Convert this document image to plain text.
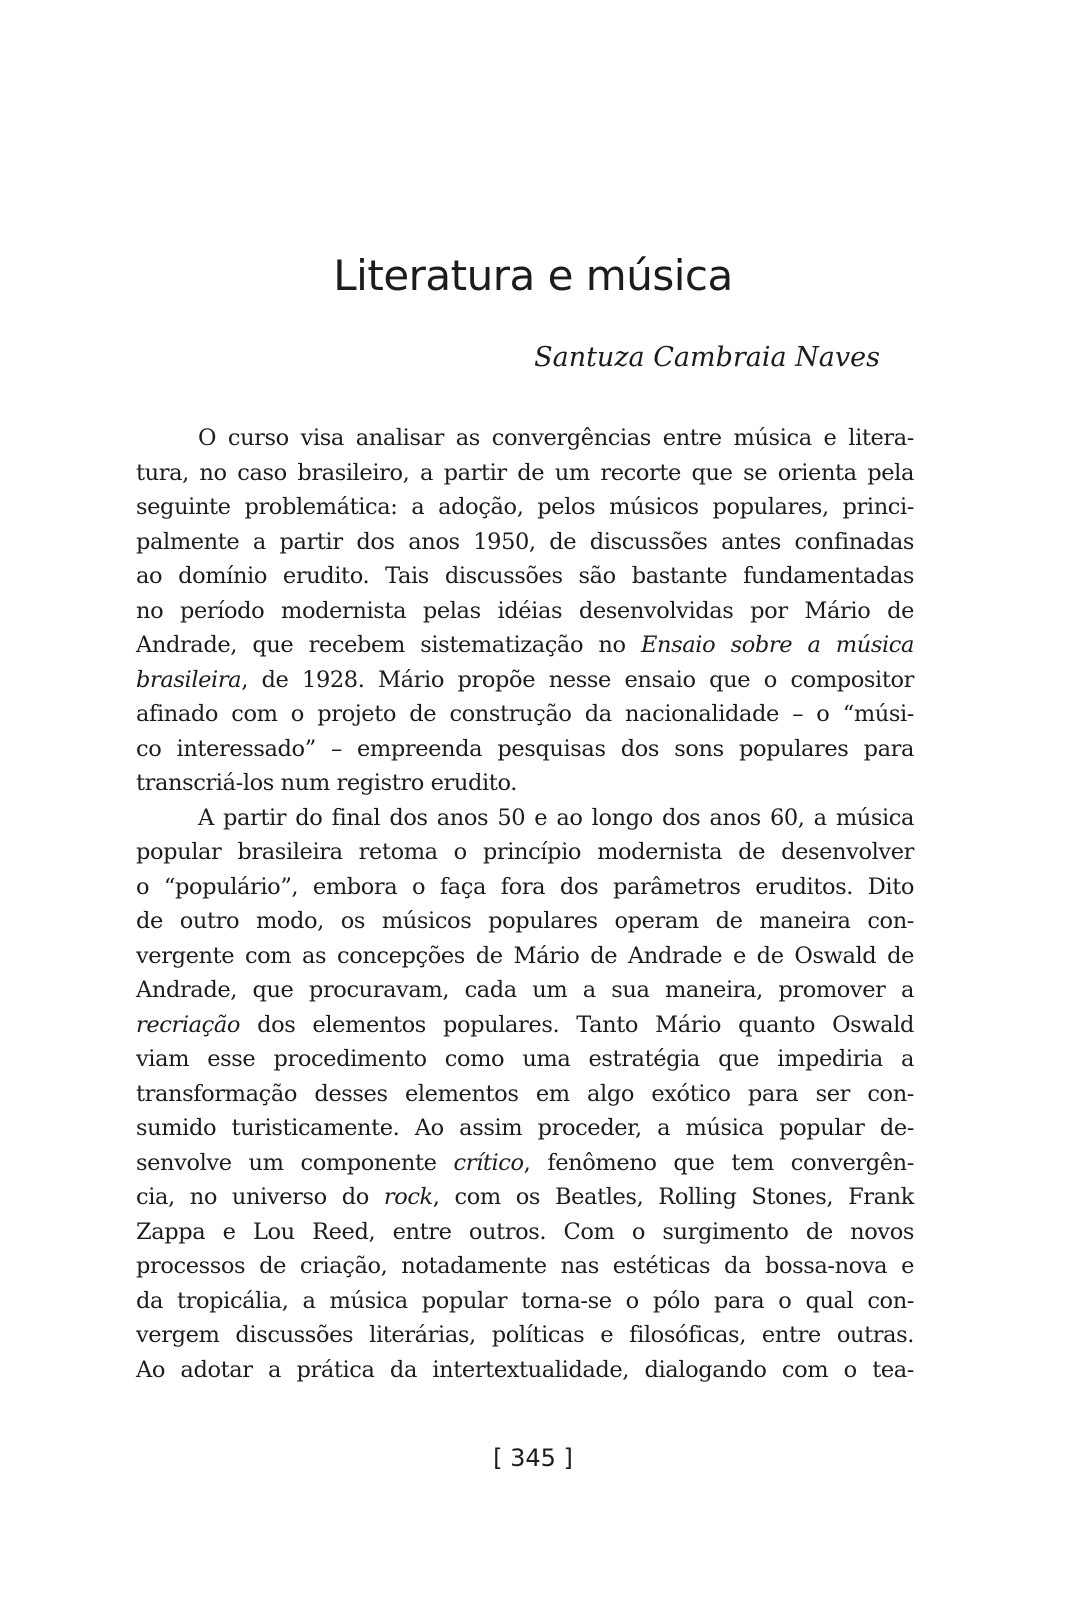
Literatura e música

Santuza Cambraia Naves

O curso visa analisar as convergências entre música e litera-
tura, no caso brasileiro, a partir de um recorte que se orienta pela
seguinte problemática: a adoção, pelos músicos populares, princi-
palmente a partir dos anos 1950, de discussões antes confinadas
ao domínio erudito. Tais discussões são bastante fundamentadas
no período modernista pelas idéias desenvolvidas por Mário de
Andrade, que recebem sistematização no Ensaio sobre a música
brasileira, de 1928. Mário propõe nesse ensaio que o compositor
afinado com o projeto de construção da nacionalidade – o “músi-
co interessado” – empreenda pesquisas dos sons populares para
transcriá-los num registro erudito.
A partir do final dos anos 50 e ao longo dos anos 60, a música
popular brasileira retoma o princípio modernista de desenvolver
o “populário”, embora o faça fora dos parâmetros eruditos. Dito
de outro modo, os músicos populares operam de maneira con-
vergente com as concepções de Mário de Andrade e de Oswald de
Andrade, que procuravam, cada um a sua maneira, promover a
recriação dos elementos populares. Tanto Mário quanto Oswald
viam esse procedimento como uma estratégia que impediria a
transformação desses elementos em algo exótico para ser con-
sumido turisticamente. Ao assim proceder, a música popular de-
senvolve um componente crítico, fenômeno que tem convergên-
cia, no universo do rock, com os Beatles, Rolling Stones, Frank
Zappa e Lou Reed, entre outros. Com o surgimento de novos
processos de criação, notadamente nas estéticas da bossa-nova e
da tropicália, a música popular torna-se o pólo para o qual con-
vergem discussões literárias, políticas e filosóficas, entre outras.
Ao adotar a prática da intertextualidade, dialogando com o tea-
[ 345 ]
